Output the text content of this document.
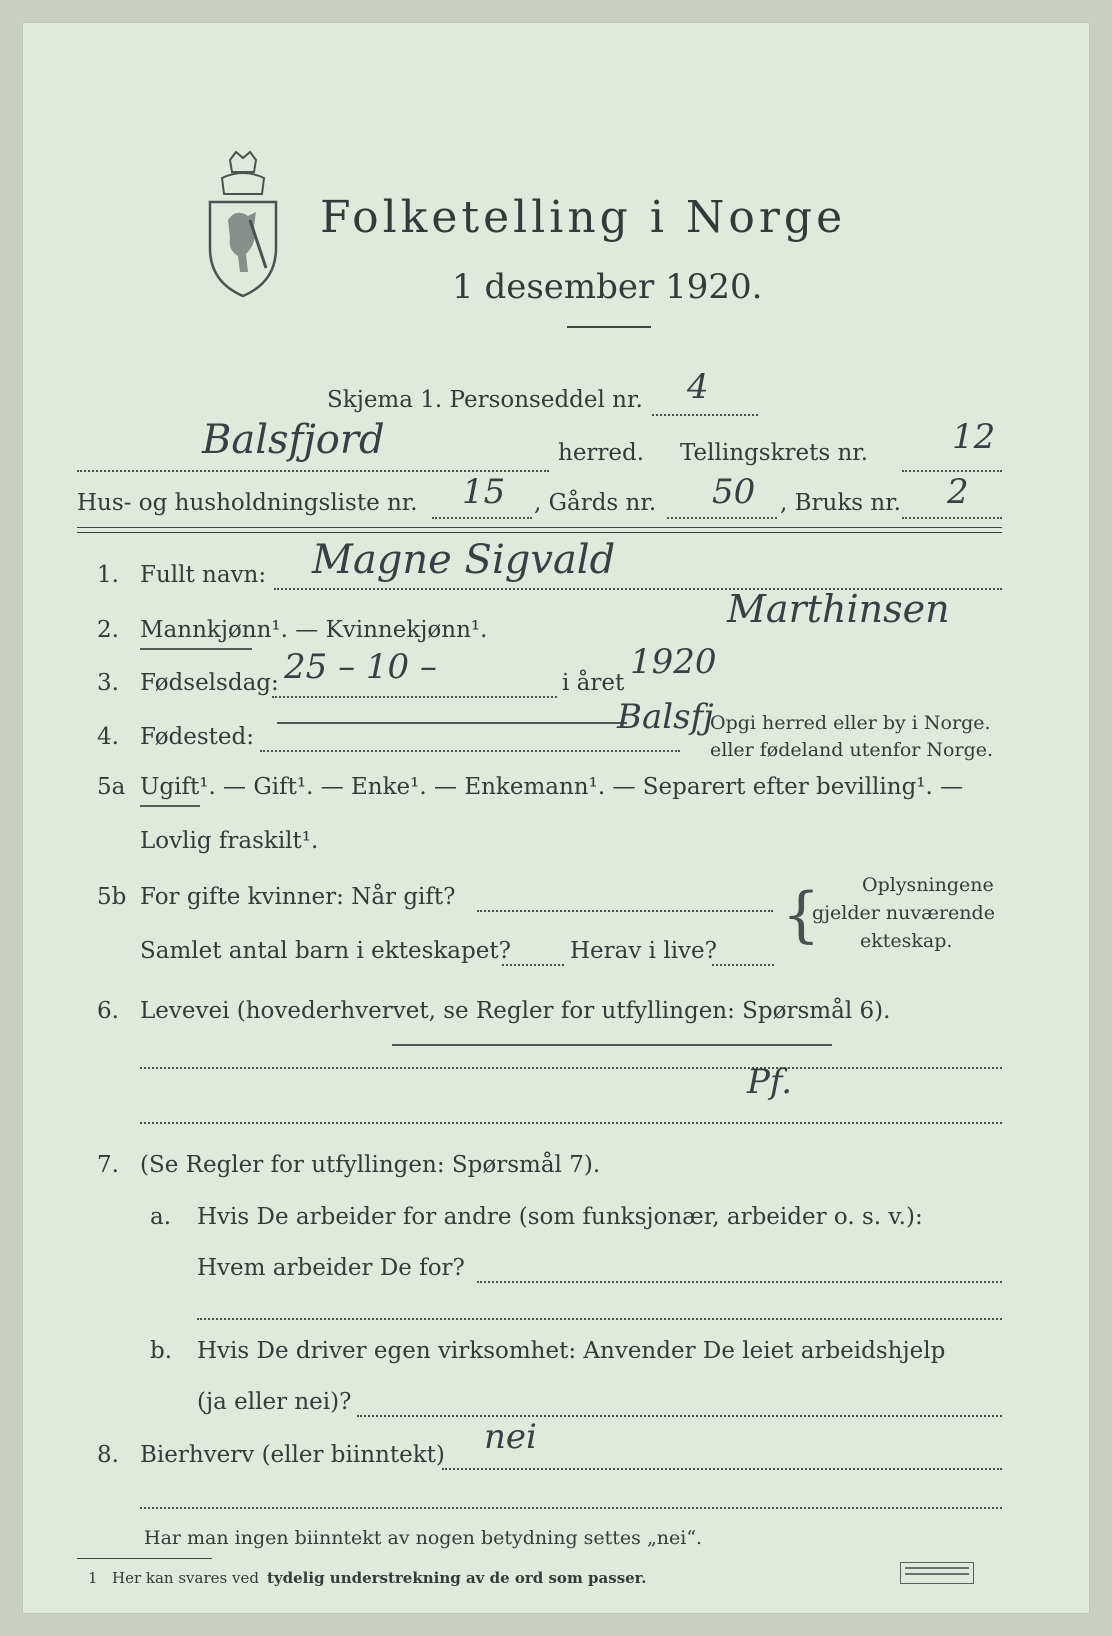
Folketelling i Norge
1 desember 1920.
Skjema 1. Personseddel nr. 4
Balsfjord	herred. Tellingskrets nr. 12
Hus- og husholdningsliste nr. 15 , Gårds nr. 50 , Bruks nr. 2
1. Fullt navn: Magne Sigvald
Marthinsen
2. Mannkjønn¹. — Kvinnekjønn¹.
3. Fødselsdag: 25 – 10 –	i året
1920
4. Fødested:	Balsfj
Opgi herred eller by i Norge.
eller fødeland utenfor Norge.
5a Ugift¹. — Gift¹. — Enke¹. — Enkemann¹. — Separert efter bevilling¹. —
Lovlig fraskilt¹.
5b For gifte kvinner: Når gift?
Samlet antal barn i ekteskapet?	Herav i live?
{ Oplysningene
gjelder nuværende
ekteskap.
6. Levevei (hovederhvervet, se Regler for utfyllingen: Spørsmål 6).
Pf.
7. (Se Regler for utfyllingen: Spørsmål 7).
a. Hvis De arbeider for andre (som funksjonær, arbeider o. s. v.):
Hvem arbeider De for?
b. Hvis De driver egen virksomhet: Anvender De leiet arbeidshjelp
(ja eller nei)?
8. Bierhverv (eller biinntekt) nei
Har man ingen biinntekt av nogen betydning settes „nei“.
1 Her kan svares ved tydelig understrekning av de ord som passer.
